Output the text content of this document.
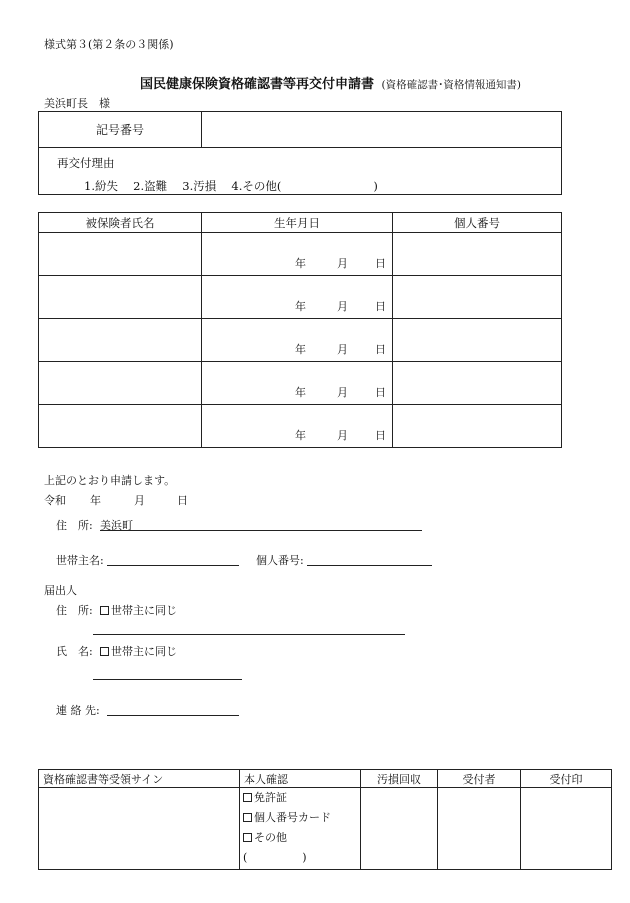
様式第３(第２条の３関係)
国民健康保険資格確認書等再交付申請書 (資格確認書･資格情報通知書)
美浜町長　様
記号番号	

再交付理由
1.紛失　 2.盗難　 3.汚損　 4.その他(　　　　　　　　)
被保険者氏名	生年月日	個人番号

	年 月 日	

	年 月 日	

	年 月 日	

	年 月 日	

	年 月 日	

上記のとおり申請します。
令和 年	月	日
住　所: 美浜町
世帯主名:	個人番号:
届出人
住　所:	世帯主に同じ
氏　名:	世帯主に同じ
連 絡 先:
資格確認書等受領サイン	本人確認	汚損回収	受付者	受付印

	免許証
個人番号カード
その他
(　　　　　)			
